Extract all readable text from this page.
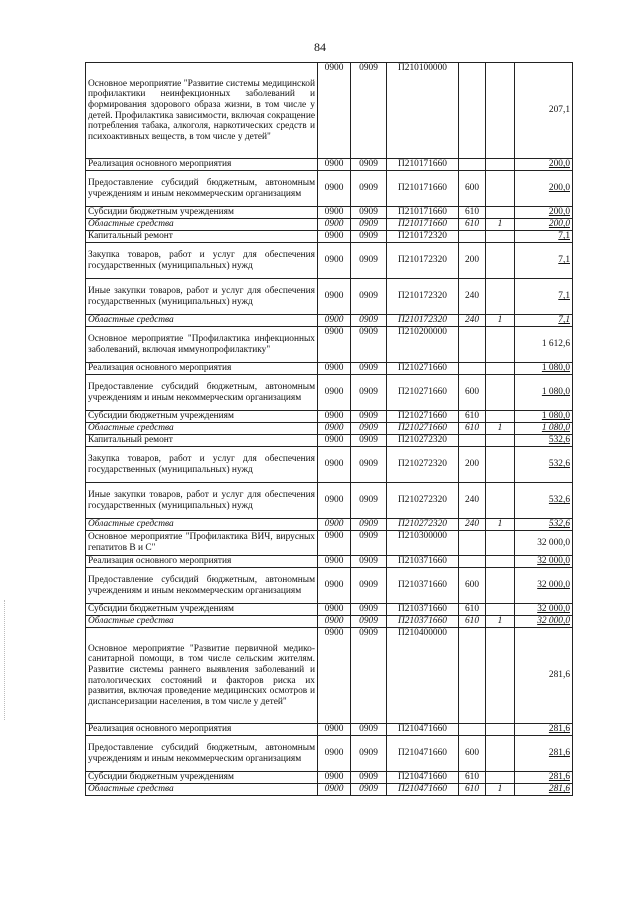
84
Основное мероприятие "Развитие системы медицинской профилактики неинфекционных заболеваний и формирования здорового образа жизни, в том числе у детей. Профилактика зависимости, включая сокращение потребления табака, алкоголя, наркотических средств и психоактивных веществ, в том числе у детей"	0900	0909	П210100000			207,1
Реализация основного мероприятия	0900	0909	П210171660			200,0
Предоставление субсидий бюджетным, автономным учреждениям и иным некоммерческим организациям	0900	0909	П210171660	600		200,0
Субсидии бюджетным учреждениям	0900	0909	П210171660	610		200,0
Областные средства	0900	0909	П210171660	610	1	200,0
Капитальный ремонт	0900	0909	П210172320			7,1
Закупка товаров, работ и услуг для обеспечения государственных (муниципальных) нужд	0900	0909	П210172320	200		7,1
Иные закупки товаров, работ и услуг для обеспечения государственных (муниципальных) нужд	0900	0909	П210172320	240		7,1
Областные средства	0900	0909	П210172320	240	1	7,1
Основное мероприятие "Профилактика инфекционных заболеваний, включая иммунопрофилактику"	0900	0909	П210200000			1 612,6
Реализация основного мероприятия	0900	0909	П210271660			1 080,0
Предоставление субсидий бюджетным, автономным учреждениям и иным некоммерческим организациям	0900	0909	П210271660	600		1 080,0
Субсидии бюджетным учреждениям	0900	0909	П210271660	610		1 080,0
Областные средства	0900	0909	П210271660	610	1	1 080,0
Капитальный ремонт	0900	0909	П210272320			532,6
Закупка товаров, работ и услуг для обеспечения государственных (муниципальных) нужд	0900	0909	П210272320	200		532,6
Иные закупки товаров, работ и услуг для обеспечения государственных (муниципальных) нужд	0900	0909	П210272320	240		532,6
Областные средства	0900	0909	П210272320	240	1	532,6
Основное мероприятие "Профилактика ВИЧ, вирусных гепатитов В и С"	0900	0909	П210300000			32 000,0
Реализация основного мероприятия	0900	0909	П210371660			32 000,0
Предоставление субсидий бюджетным, автономным учреждениям и иным некоммерческим организациям	0900	0909	П210371660	600		32 000,0
Субсидии бюджетным учреждениям	0900	0909	П210371660	610		32 000,0
Областные средства	0900	0909	П210371660	610	1	32 000,0
Основное мероприятие "Развитие первичной медико-санитарной помощи, в том числе сельским жителям. Развитие системы раннего выявления заболеваний и патологических состояний и факторов риска их развития, включая проведение медицинских осмотров и диспансеризации населения, в том числе у детей"	0900	0909	П210400000			281,6
Реализация основного мероприятия	0900	0909	П210471660			281,6
Предоставление субсидий бюджетным, автономным учреждениям и иным некоммерческим организациям	0900	0909	П210471660	600		281,6
Субсидии бюджетным учреждениям	0900	0909	П210471660	610		281,6
Областные средства	0900	0909	П210471660	610	1	281,6
